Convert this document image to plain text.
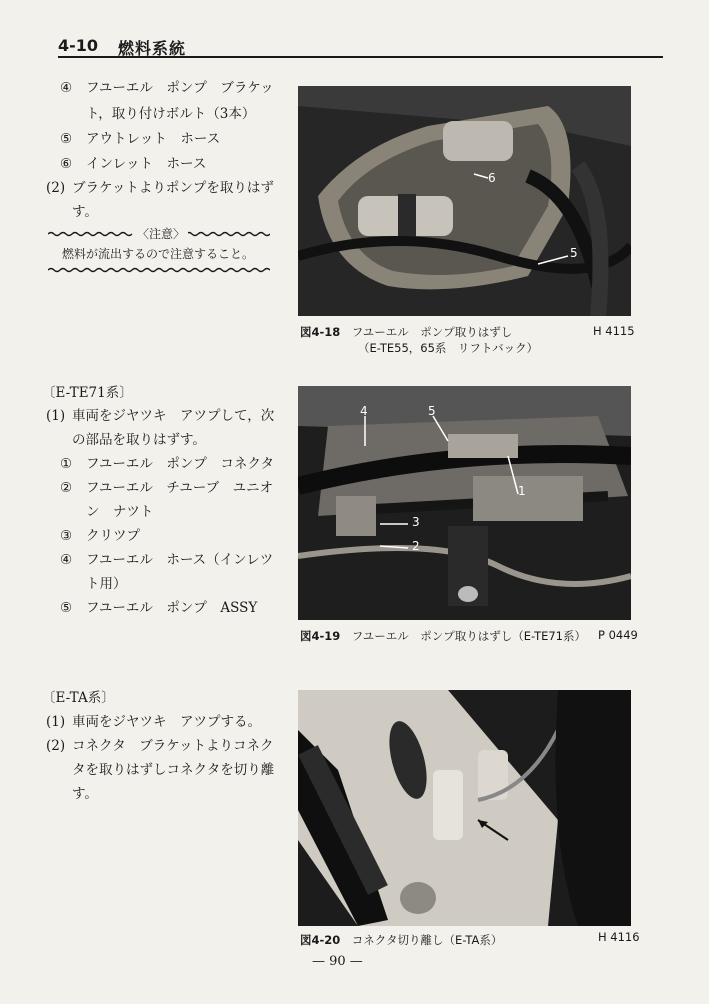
4-10 燃料系統
④ フユーエル　ポンプ　ブラケッ
ト，取り付けボルト（3本）
⑤ アウトレット　ホース
⑥ インレット　ホース
(2) ブラケットよりポンプを取りはず
す。
〈注意〉
燃料が流出するので注意すること。
6
5
図4-18　 フユーエル　ポンプ取りはずし
（E-TE55，65系　リフトバック）
H 4115
〔E-TE71系〕
(1) 車両をジヤツキ　アツプして，次
の部品を取りはずす。
① フユーエル　ポンプ　コネクタ
② フユーエル　チユーブ　ユニオ
ン　ナツト
③ クリツプ
④ フユーエル　ホース（インレツ
ト用）
⑤ フユーエル　ポンプ　ASSY
4	5
1
3
2
図4-19　 フユーエル　ポンプ取りはずし（E-TE71系） P 0449
〔E-TA系〕
(1) 車両をジヤツキ　アツプする。
(2) コネクタ　ブラケットよりコネク
タを取りはずしコネクタを切り離
す。
図4-20　 コネクタ切り離し（E-TA系）	H 4116
— 90 —
